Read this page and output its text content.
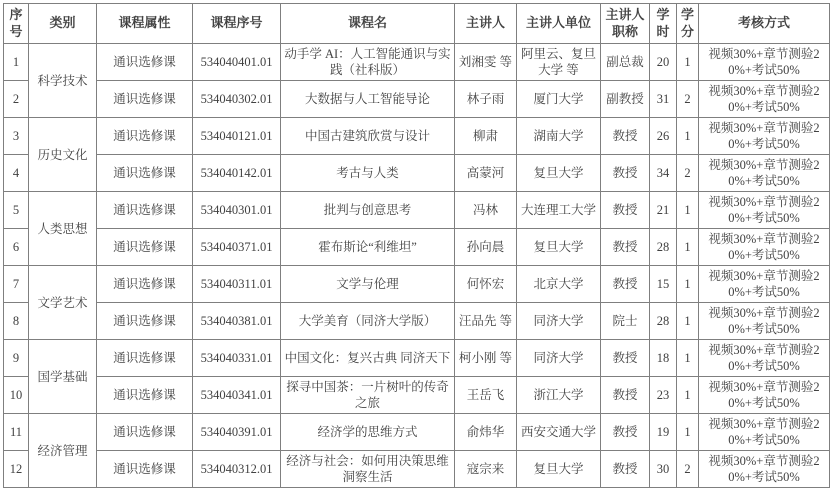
序号	类别	课程属性	课程序号	课程名	主讲人	主讲人单位	主讲人职称	学时	学分	考核方式
1	科学技术	通识选修课	534040401.01	动手学 AI：人工智能通识与实践（社科版）	刘湘雯 等	阿里云、复旦大学 等	副总裁	20	1	视频30%+章节测验20%+考试50%
2		通识选修课	534040302.01	大数据与人工智能导论	林子雨	厦门大学	副教授	31	2	视频30%+章节测验20%+考试50%
3	历史文化	通识选修课	534040121.01	中国古建筑欣赏与设计	柳肃	湖南大学	教授	26	1	视频30%+章节测验20%+考试50%
4		通识选修课	534040142.01	考古与人类	高蒙河	复旦大学	教授	34	2	视频30%+章节测验20%+考试50%
5	人类思想	通识选修课	534040301.01	批判与创意思考	冯林	大连理工大学	教授	21	1	视频30%+章节测验20%+考试50%
6		通识选修课	534040371.01	霍布斯论“利维坦”	孙向晨	复旦大学	教授	28	1	视频30%+章节测验20%+考试50%
7	文学艺术	通识选修课	534040311.01	文学与伦理	何怀宏	北京大学	教授	15	1	视频30%+章节测验20%+考试50%
8		通识选修课	534040381.01	大学美育（同济大学版）	汪品先 等	同济大学	院士	28	1	视频30%+章节测验20%+考试50%
9	国学基础	通识选修课	534040331.01	中国文化：复兴古典 同济天下	柯小刚 等	同济大学	教授	18	1	视频30%+章节测验20%+考试50%
10		通识选修课	534040341.01	探寻中国茶：一片树叶的传奇之旅	王岳飞	浙江大学	教授	23	1	视频30%+章节测验20%+考试50%
11	经济管理	通识选修课	534040391.01	经济学的思维方式	俞炜华	西安交通大学	教授	19	1	视频30%+章节测验20%+考试50%
12		通识选修课	534040312.01	经济与社会：如何用决策思维洞察生活	寇宗来	复旦大学	教授	30	2	视频30%+章节测验20%+考试50%
